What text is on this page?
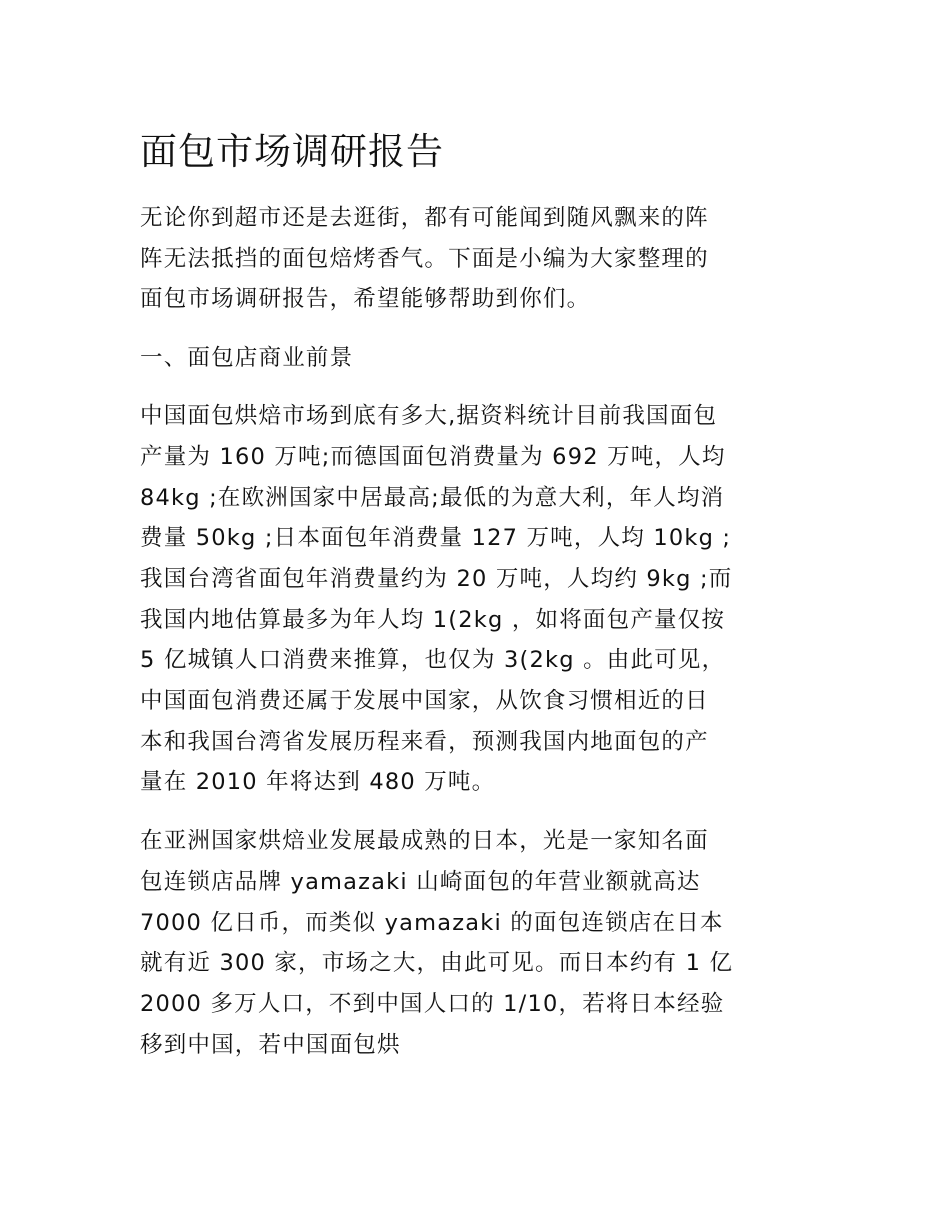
面包市场调研报告

无论你到超市还是去逛街，都有可能闻到随风飘来的阵
阵无法抵挡的面包焙烤香气。下面是小编为大家整理的
面包市场调研报告，希望能够帮助到你们。

一、面包店商业前景

中国面包烘焙市场到底有多大,据资料统计目前我国面包
产量为 160 万吨;而德国面包消费量为 692 万吨，人均
84kg ;在欧洲国家中居最高;最低的为意大利，年人均消
费量 50kg ;日本面包年消费量 127 万吨，人均 10kg ;
我国台湾省面包年消费量约为 20 万吨，人均约 9kg ;而
我国内地估算最多为年人均 1(2kg ，如将面包产量仅按
5 亿城镇人口消费来推算，也仅为 3(2kg 。由此可见，
中国面包消费还属于发展中国家，从饮食习惯相近的日
本和我国台湾省发展历程来看，预测我国内地面包的产
量在 2010 年将达到 480 万吨。

在亚洲国家烘焙业发展最成熟的日本，光是一家知名面
包连锁店品牌 yamazaki 山崎面包的年营业额就高达
7000 亿日币，而类似 yamazaki 的面包连锁店在日本
就有近 300 家，市场之大，由此可见。而日本约有 1 亿
2000 多万人口，不到中国人口的 1/10，若将日本经验
移到中国，若中国面包烘
